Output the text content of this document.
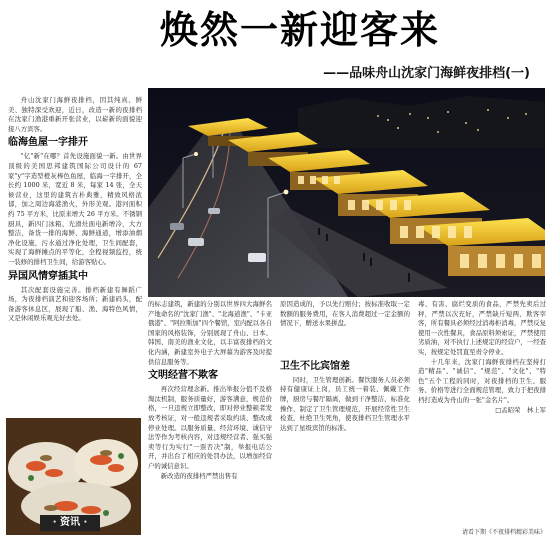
焕然一新迎客来
——品味舟山沈家门海鲜夜排档(一)

舟山沈家门海鲜夜排档，因其纯真、鲜美、独特深受欢迎，近日，改造一新的夜排档在沈家门渔港重新开张营业，以崭新的面貌迎接八方宾客。

临海鱼屋一字排开

"亿"新"在哪？首先设施面貌一新。由世界顶级的美国思邦建筑国际公司设计的 67 家"y"字造型橙灰棒色鱼屋，临海一字排开，全长约 1000 米，宽近 8 米，每家 14 张，全天候营业，这里的建筑古朴典雅，精致风格浓郁，加之周边海港渔火，外形美观。港河面积约 75 平方米，比原来增大 26 平方米。不锈钢厨具，新四门冰箱、光滑灶面电新增冷，大方整洁，备货一排的海鲜、海鲜通道，增添油烟净化设施，污水通过净化处理，卫生间配套，实现了海鲜摊点的平等化，全程视频监控，统一装修的排档卫生间，给游客贴心。

异国风情穿插其中

其次配套设施完善。排档新建有舞蹈广场，为夜排档演艺和迎客场所；新建码头，配备游客休息区，展现了船、渔、海特色风情，又是休闲娱乐观光好去处。

· 资讯 ·

的标志建筑，新建的分别以世界四大海鲜名产地命名的"沈家门渔"、"北海道渔"、"卡亚俄港"、"阿拉斯加"四个餐馆，室内配以各自国家的风格装饰，分别展现了舟山、日本、韩国、南美的渔业文化，以丰富夜排档的文化内涵，新建室外电子大屏幕为游客及时提供信息服务等。

文明经营不欺客

再次经营理念新。推出举报分值不及格淘汰机制，服务质量好，游客满意，规范价格，一旦违规立即整改，即对停业整顿者发放考核证，对一般违规者采取约谈、整改或停业处理。以服务质量、经营环境、诚信守法等作为考核内容，对违规经营者、强买强卖等行为实行"一票否决"制，举报电话公开，并出台了相应的处罚办法，以增加经营户的诚信意识。

新改造的夜排档严禁出售有

原因造成的，予以先行赔付；按标准收取一定数额的服务费用，在客人消费超过一定金额的情况下，赠送水果拼盘。

卫生不比宾馆差

同时，卫生管理创新。餐饮服务人员必须持有健康证上岗，员工统一着装、佩戴工作牌，厨房与餐厅隔离，做到干净整洁、标准化操作、制定了卫生管理规范，开展经常性卫生检查，杜绝卫生死角，使夜排档卫生管理水平达到了星级宾馆的标准。

毒、有害、腐烂变质的食品，严禁先卖后过秤，严禁以次充好，严禁缺斤短两、欺客宰客，所有餐具必须经过消毒柜消毒，严禁反复使用一次性餐具，食品原料须索证，严禁使用劣质油，对不执行上述规定的经营户，一经查实，按规定处罚直至责令停业。

十几年来，沈家门海鲜夜排档在坚持打造"精品"、"诚信"、"规范"、"文化"、"特色"五个工程的同时，对夜排档的卫生、服务、价格等进行全面规范管理，致力于把夜排档打造成为舟山的一张"金名片"。

□孟昭荣　林上军
请看下期《不夜排档精彩美味》
